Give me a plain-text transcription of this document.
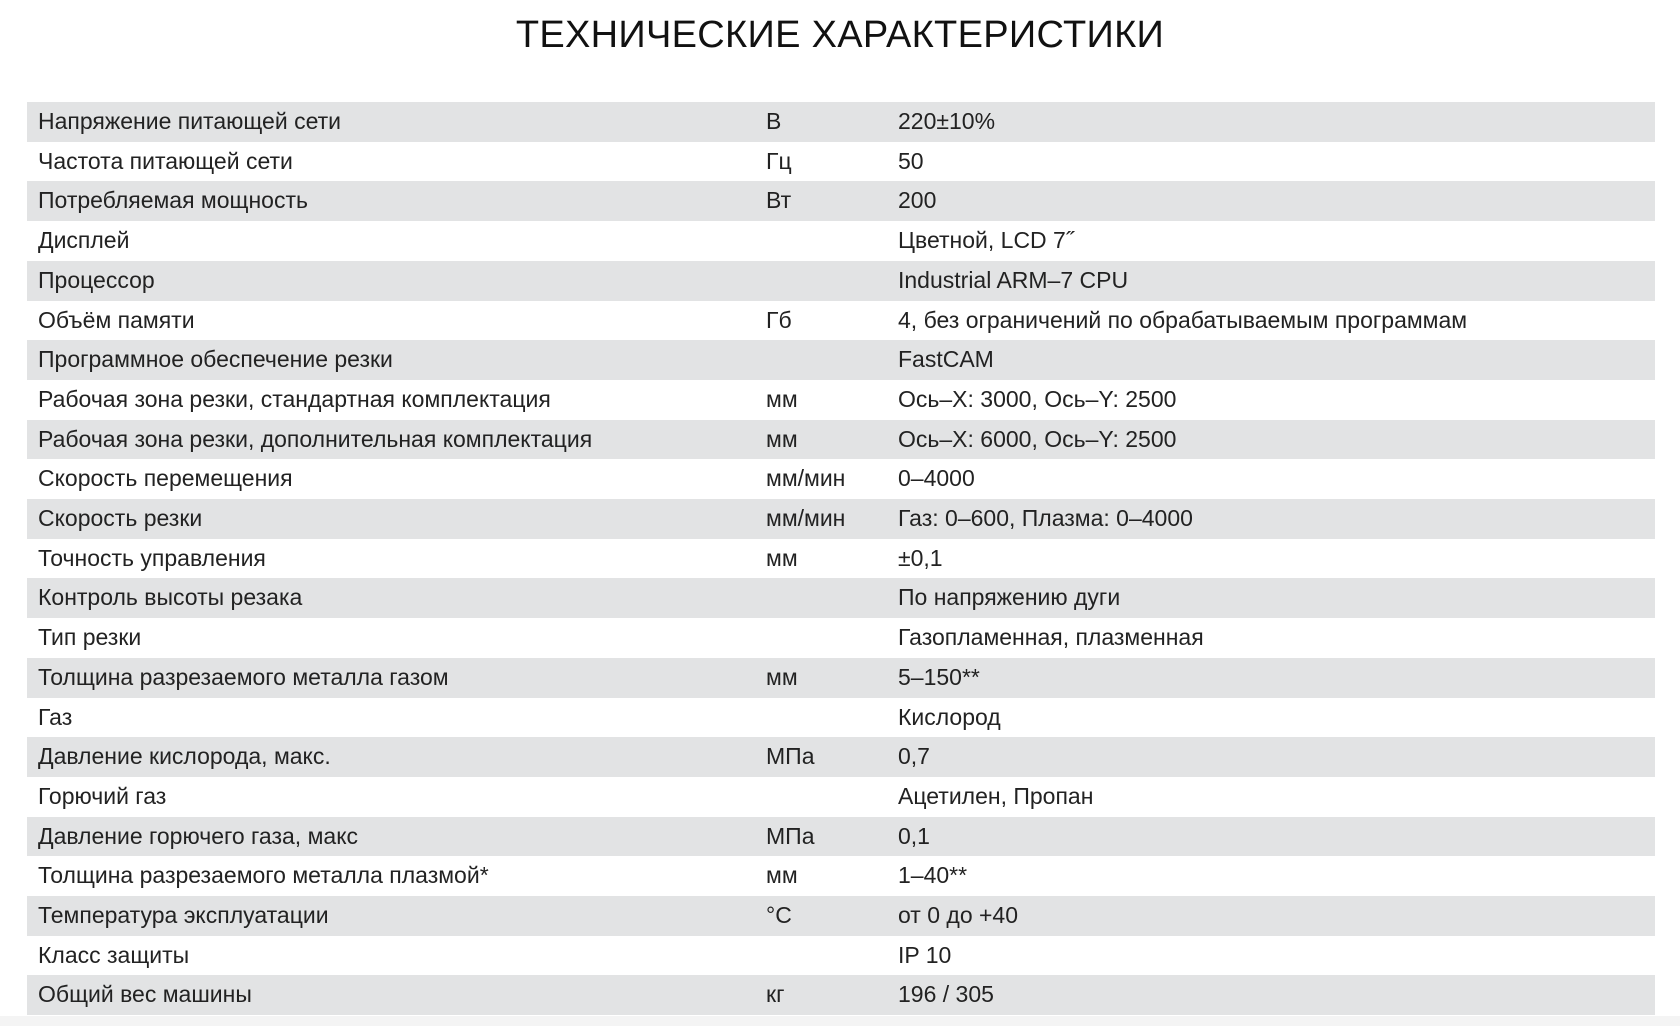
ТЕХНИЧЕСКИЕ ХАРАКТЕРИСТИКИ
Напряжение питающей сети	В	220±10%
Частота питающей сети	Гц	50
Потребляемая мощность	Вт	200
Дисплей		Цветной, LCD 7˝
Процессор		Industrial ARM–7 CPU
Объём памяти	Гб	4, без ограничений по обрабатываемым программам
Программное обеспечение резки		FastCAM
Рабочая зона резки, стандартная комплектация	мм	Ось–X: 3000, Ось–Y: 2500
Рабочая зона резки, дополнительная комплектация	мм	Ось–X: 6000, Ось–Y: 2500
Скорость перемещения	мм/мин	0–4000
Скорость резки	мм/мин	Газ: 0–600, Плазма: 0–4000
Точность управления	мм	±0,1
Контроль высоты резака		По напряжению дуги
Тип резки		Газопламенная, плазменная
Толщина разрезаемого металла газом	мм	5–150**
Газ		Кислород
Давление кислорода, макс.	МПа	0,7
Горючий газ		Ацетилен, Пропан
Давление горючего газа, макс	МПа	0,1
Толщина разрезаемого металла плазмой*	мм	1–40**
Температура эксплуатации	°C	от 0 до +40
Класс защиты		IP 10
Общий вес машины	кг	196 / 305
